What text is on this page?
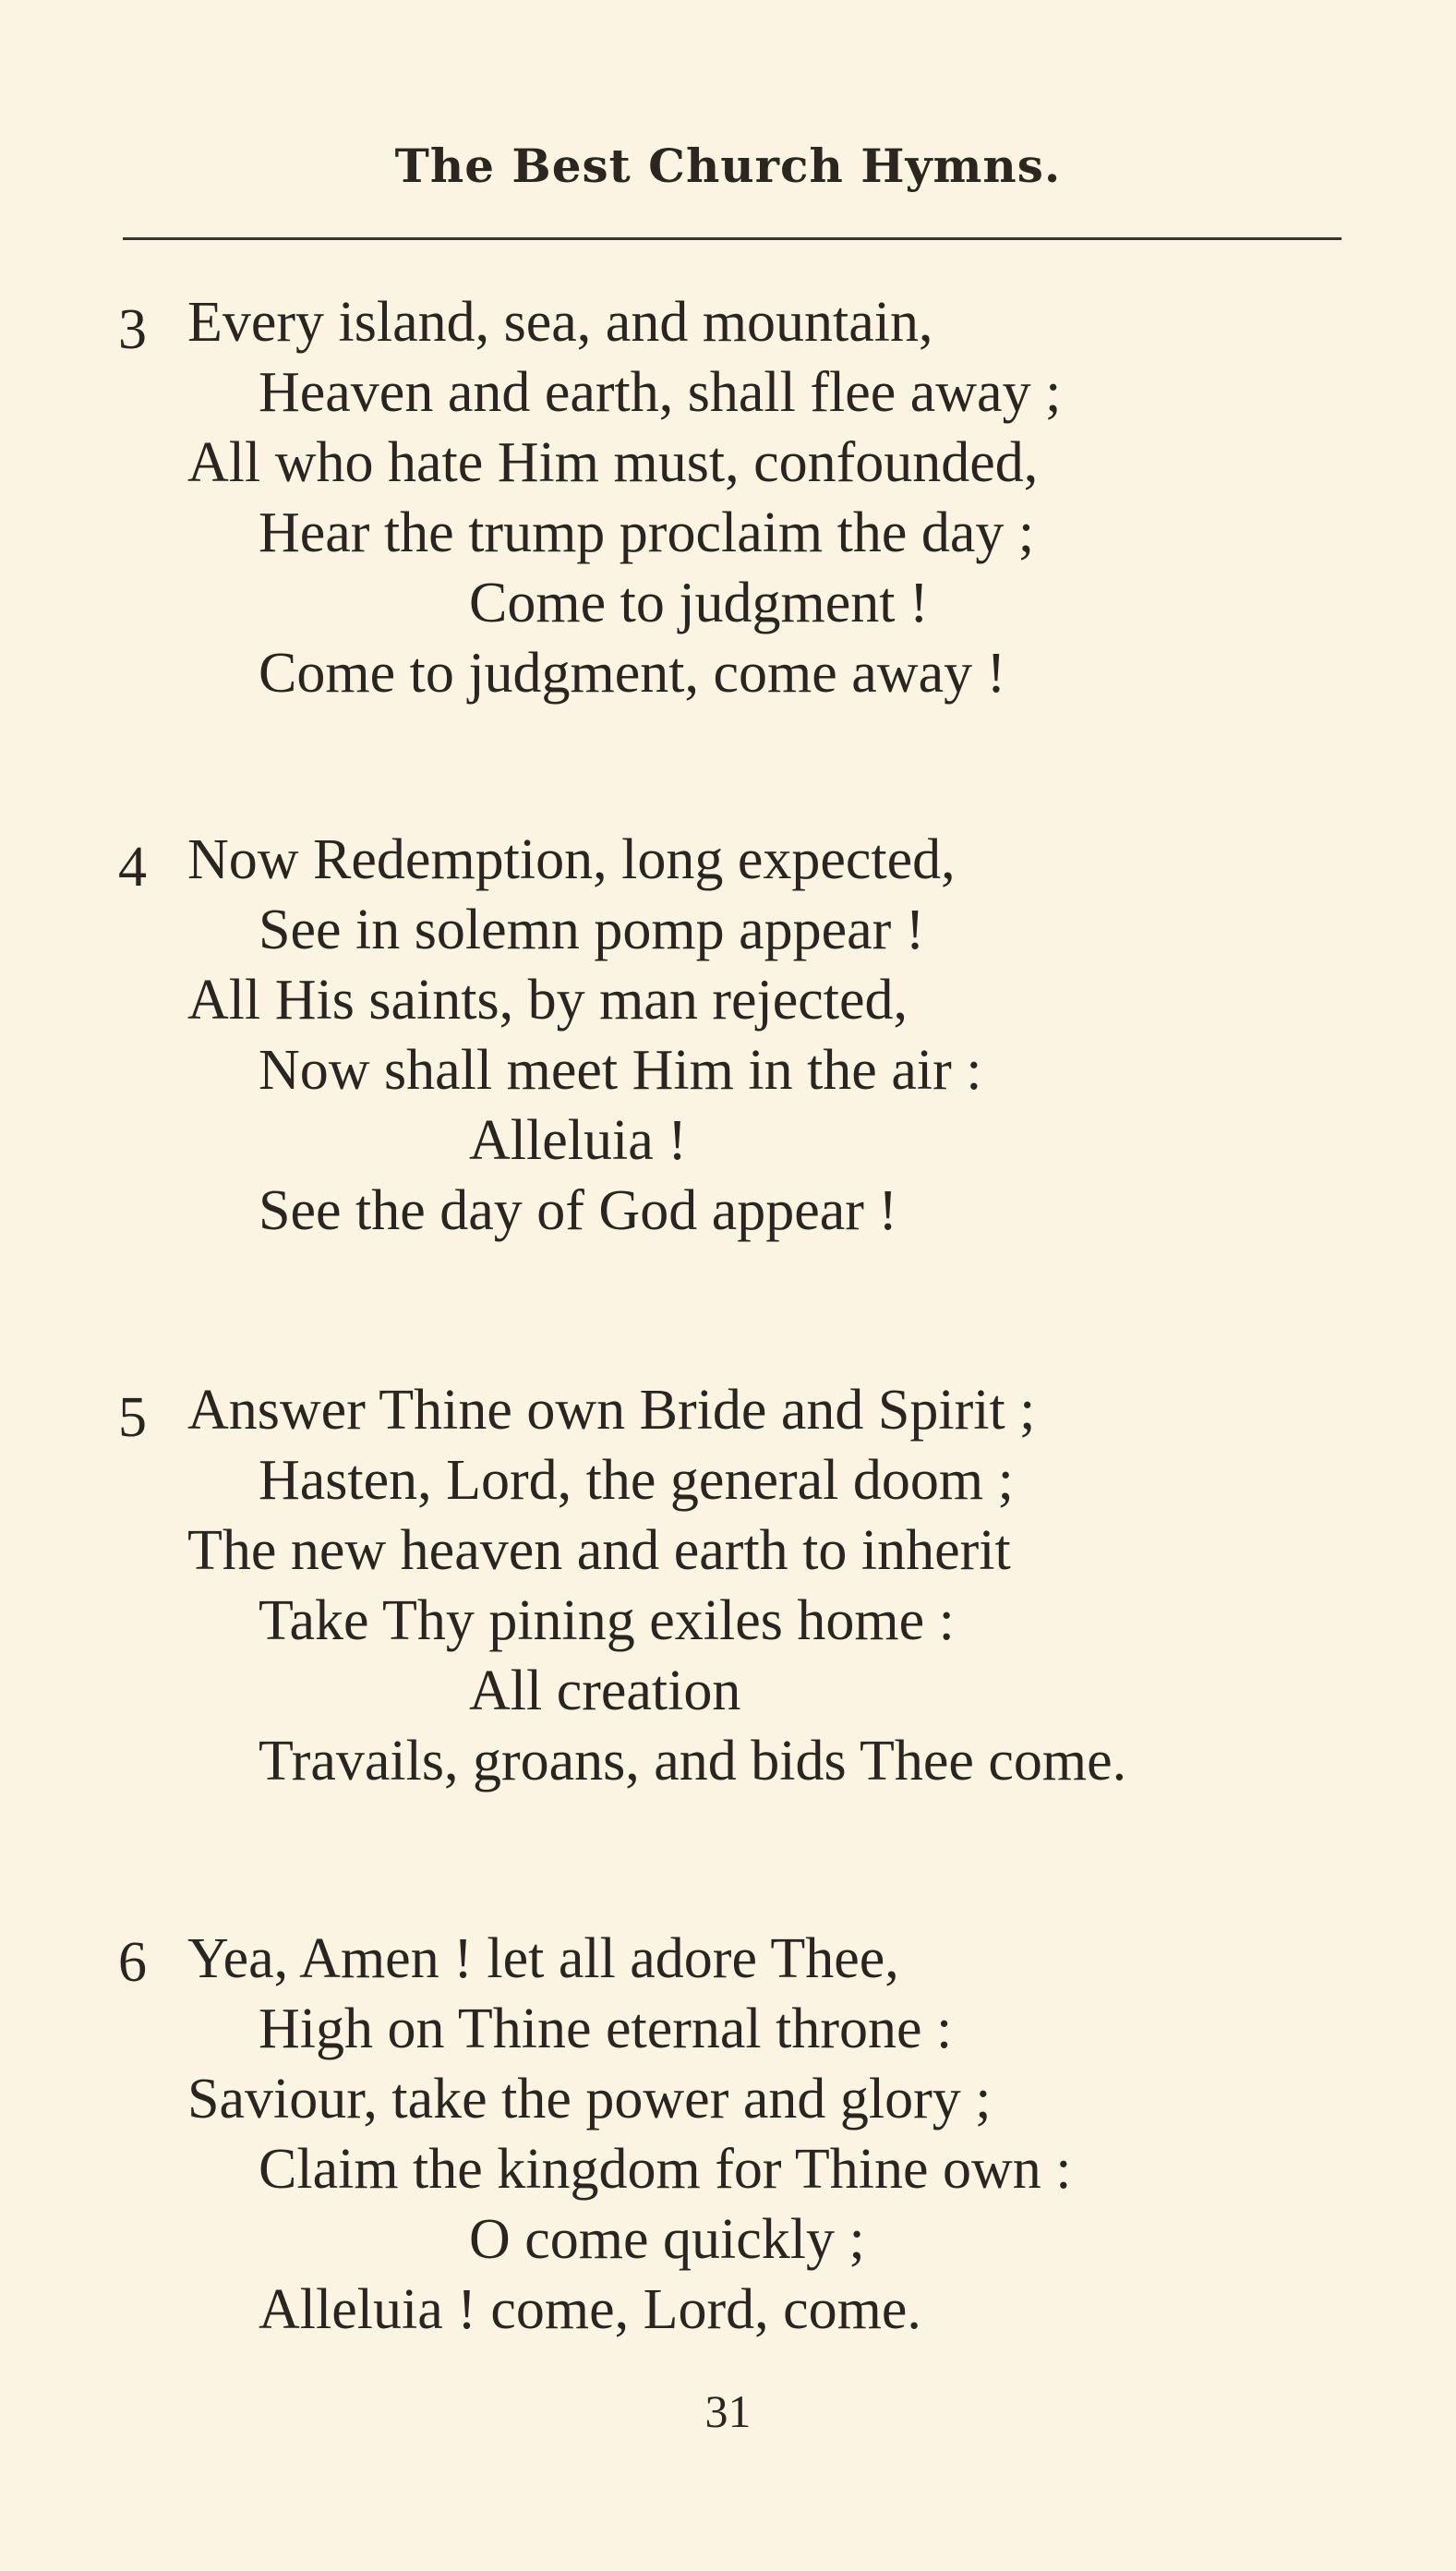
The Best Church Hymns.
3 Every island, sea, and mountain,
Heaven and earth, shall flee away ;
All who hate Him must, confounded,
Hear the trump proclaim the day ;
Come to judgment !
Come to judgment, come away !
4 Now Redemption, long expected,
See in solemn pomp appear !
All His saints, by man rejected,
Now shall meet Him in the air :
Alleluia !
See the day of God appear !
5 Answer Thine own Bride and Spirit ;
Hasten, Lord, the general doom ;
The new heaven and earth to inherit
Take Thy pining exiles home :
All creation
Travails, groans, and bids Thee come.
6 Yea, Amen ! let all adore Thee,
High on Thine eternal throne :
Saviour, take the power and glory ;
Claim the kingdom for Thine own :
O come quickly ;
Alleluia ! come, Lord, come.
31
